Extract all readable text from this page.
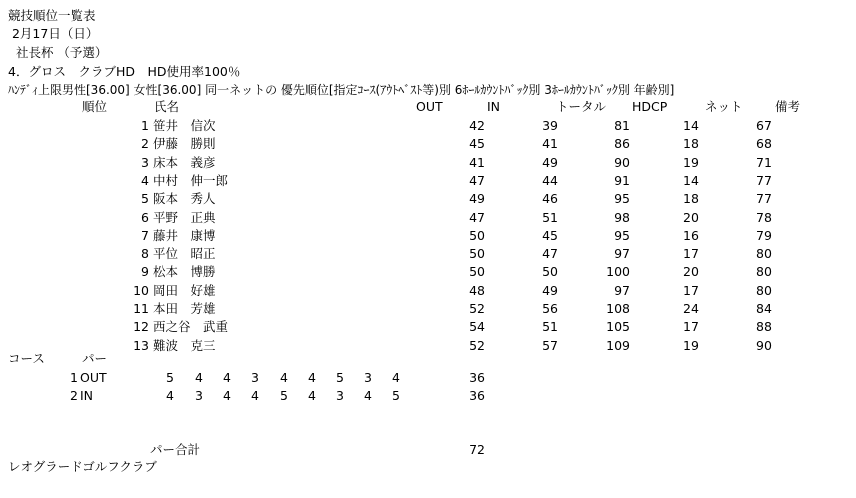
競技順位一覧表
2月17日（日）
社長杯 （予選）
4．グロス　クラブHD　HD使用率100％
ﾊﾝﾃﾞｨ上限男性[36.00] 女性[36.00] 同一ネットの 優先順位[指定ｺｰｽ(ｱｳﾄﾍﾞｽﾄ等)別 6ﾎｰﾙｶｳﾝﾄﾊﾞｯｸ別 3ﾎｰﾙｶｳﾝﾄﾊﾞｯｸ別 年齢別]
順位	氏名	OUT	IN	トータル HDCP	ネット	備考
1 笹井　信次	42	39	81	14	67
2 伊藤　勝則	45	41	86	18	68
3 床本　義彦	41	49	90	19	71
4 中村　伸一郎	47	44	91	14	77
5 阪本　秀人	49	46	95	18	77
6 平野　正典	47	51	98	20	78
7 藤井　康博	50	45	95	16	79
8 平位　昭正	50	47	97	17	80
9 松本　博勝	50	50	100	20	80
10 岡田　好雄	48	49	97	17	80
11 本田　芳雄	52	56	108	24	84
12 西之谷　武重	54	51	105	17	88
13 難波　克三	52	57	109	19	90
コース	パー
1 OUT	5 4 4 3 4 4 5 3 4	36
2 IN	4 3 4 4 5 4 3 4 5	36
パー合計	72
レオグラードゴルフクラブ
